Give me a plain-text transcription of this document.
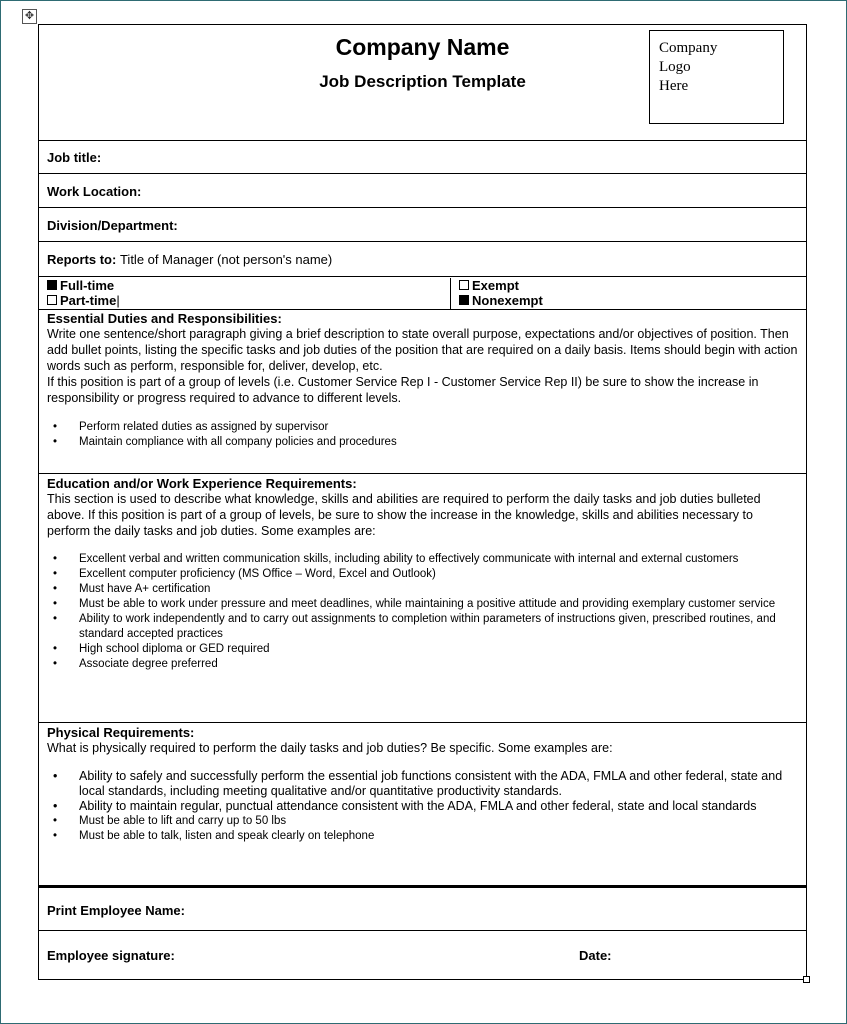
✥
Company Name
Job Description Template
Company
Logo
Here
Job title:
Work Location:
Division/Department:
Reports to:
Title of Manager (not person's name)
Full-time
Part-time|
Exempt
Nonexempt
Essential Duties and Responsibilities:

Write one sentence/short paragraph giving a brief description to state overall purpose, expectations and/or objectives of position. Then add bullet points, listing the specific tasks and job duties of the position that are required on a daily basis. Items should begin with action words such as perform, responsible for, deliver, develop, etc.

If this position is part of a group of levels (i.e. Customer Service Rep I - Customer Service Rep II) be sure to show the increase in responsibility or progress required to advance to different levels.

• Perform related duties as assigned by supervisor
• Maintain compliance with all company policies and procedures
Education and/or Work Experience Requirements:

This section is used to describe what knowledge, skills and abilities are required to perform the daily tasks and job duties bulleted above. If this position is part of a group of levels, be sure to show the increase in the knowledge, skills and abilities necessary to perform the daily tasks and job duties. Some examples are:

• Excellent verbal and written communication skills, including ability to effectively communicate with internal and external customers
• Excellent computer proficiency (MS Office – Word, Excel and Outlook)
• Must have A+ certification
• Must be able to work under pressure and meet deadlines, while maintaining a positive attitude and providing exemplary customer service
• Ability to work independently and to carry out assignments to completion within parameters of instructions given, prescribed routines, and standard accepted practices
• High school diploma or GED required
• Associate degree preferred
Physical Requirements:

What is physically required to perform the daily tasks and job duties? Be specific. Some examples are:

• Ability to safely and successfully perform the essential job functions consistent with the ADA, FMLA and other federal, state and local standards, including meeting qualitative and/or quantitative productivity standards.
• Ability to maintain regular, punctual attendance consistent with the ADA, FMLA and other federal, state and local standards
• Must be able to lift and carry up to 50 lbs
• Must be able to talk, listen and speak clearly on telephone
Print Employee Name:
Employee signature:	Date:
